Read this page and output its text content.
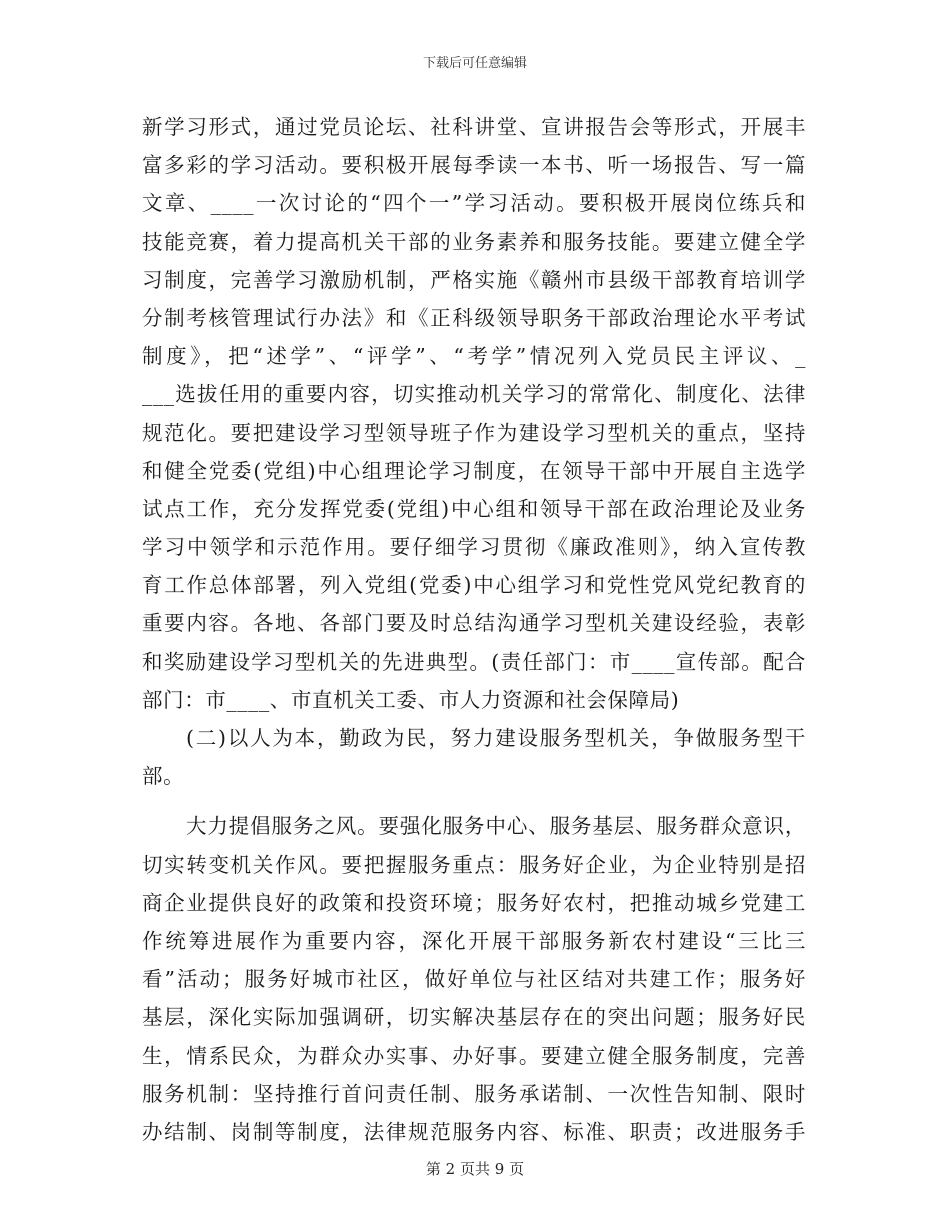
下载后可任意编辑
新学习形式，通过党员论坛、社科讲堂、宣讲报告会等形式，开展丰
富多彩的学习活动。要积极开展每季读一本书、听一场报告、写一篇
文章、____一次讨论的“四个一”学习活动。要积极开展岗位练兵和
技能竞赛，着力提高机关干部的业务素养和服务技能。要建立健全学
习制度，完善学习激励机制，严格实施《赣州市县级干部教育培训学
分制考核管理试行办法》和《正科级领导职务干部政治理论水平考试
制度》，把“述学”、“评学”、“考学”情况列入党员民主评议、_
___选拔任用的重要内容，切实推动机关学习的常常化、制度化、法律
规范化。要把建设学习型领导班子作为建设学习型机关的重点，坚持
和健全党委(党组)中心组理论学习制度，在领导干部中开展自主选学
试点工作，充分发挥党委(党组)中心组和领导干部在政治理论及业务
学习中领学和示范作用。要仔细学习贯彻《廉政准则》，纳入宣传教
育工作总体部署，列入党组(党委)中心组学习和党性党风党纪教育的
重要内容。各地、各部门要及时总结沟通学习型机关建设经验，表彰
和奖励建设学习型机关的先进典型。(责任部门：市____宣传部。配合
部门：市____、市直机关工委、市人力资源和社会保障局)
(二)以人为本，勤政为民，努力建设服务型机关，争做服务型干
部。
大力提倡服务之风。要强化服务中心、服务基层、服务群众意识，
切实转变机关作风。要把握服务重点：服务好企业，为企业特别是招
商企业提供良好的政策和投资环境；服务好农村，把推动城乡党建工
作统筹进展作为重要内容，深化开展干部服务新农村建设“三比三
看”活动；服务好城市社区，做好单位与社区结对共建工作；服务好
基层，深化实际加强调研，切实解决基层存在的突出问题；服务好民
生，情系民众，为群众办实事、办好事。要建立健全服务制度，完善
服务机制：坚持推行首问责任制、服务承诺制、一次性告知制、限时
办结制、岗制等制度，法律规范服务内容、标准、职责；改进服务手
第 2 页共 9 页
